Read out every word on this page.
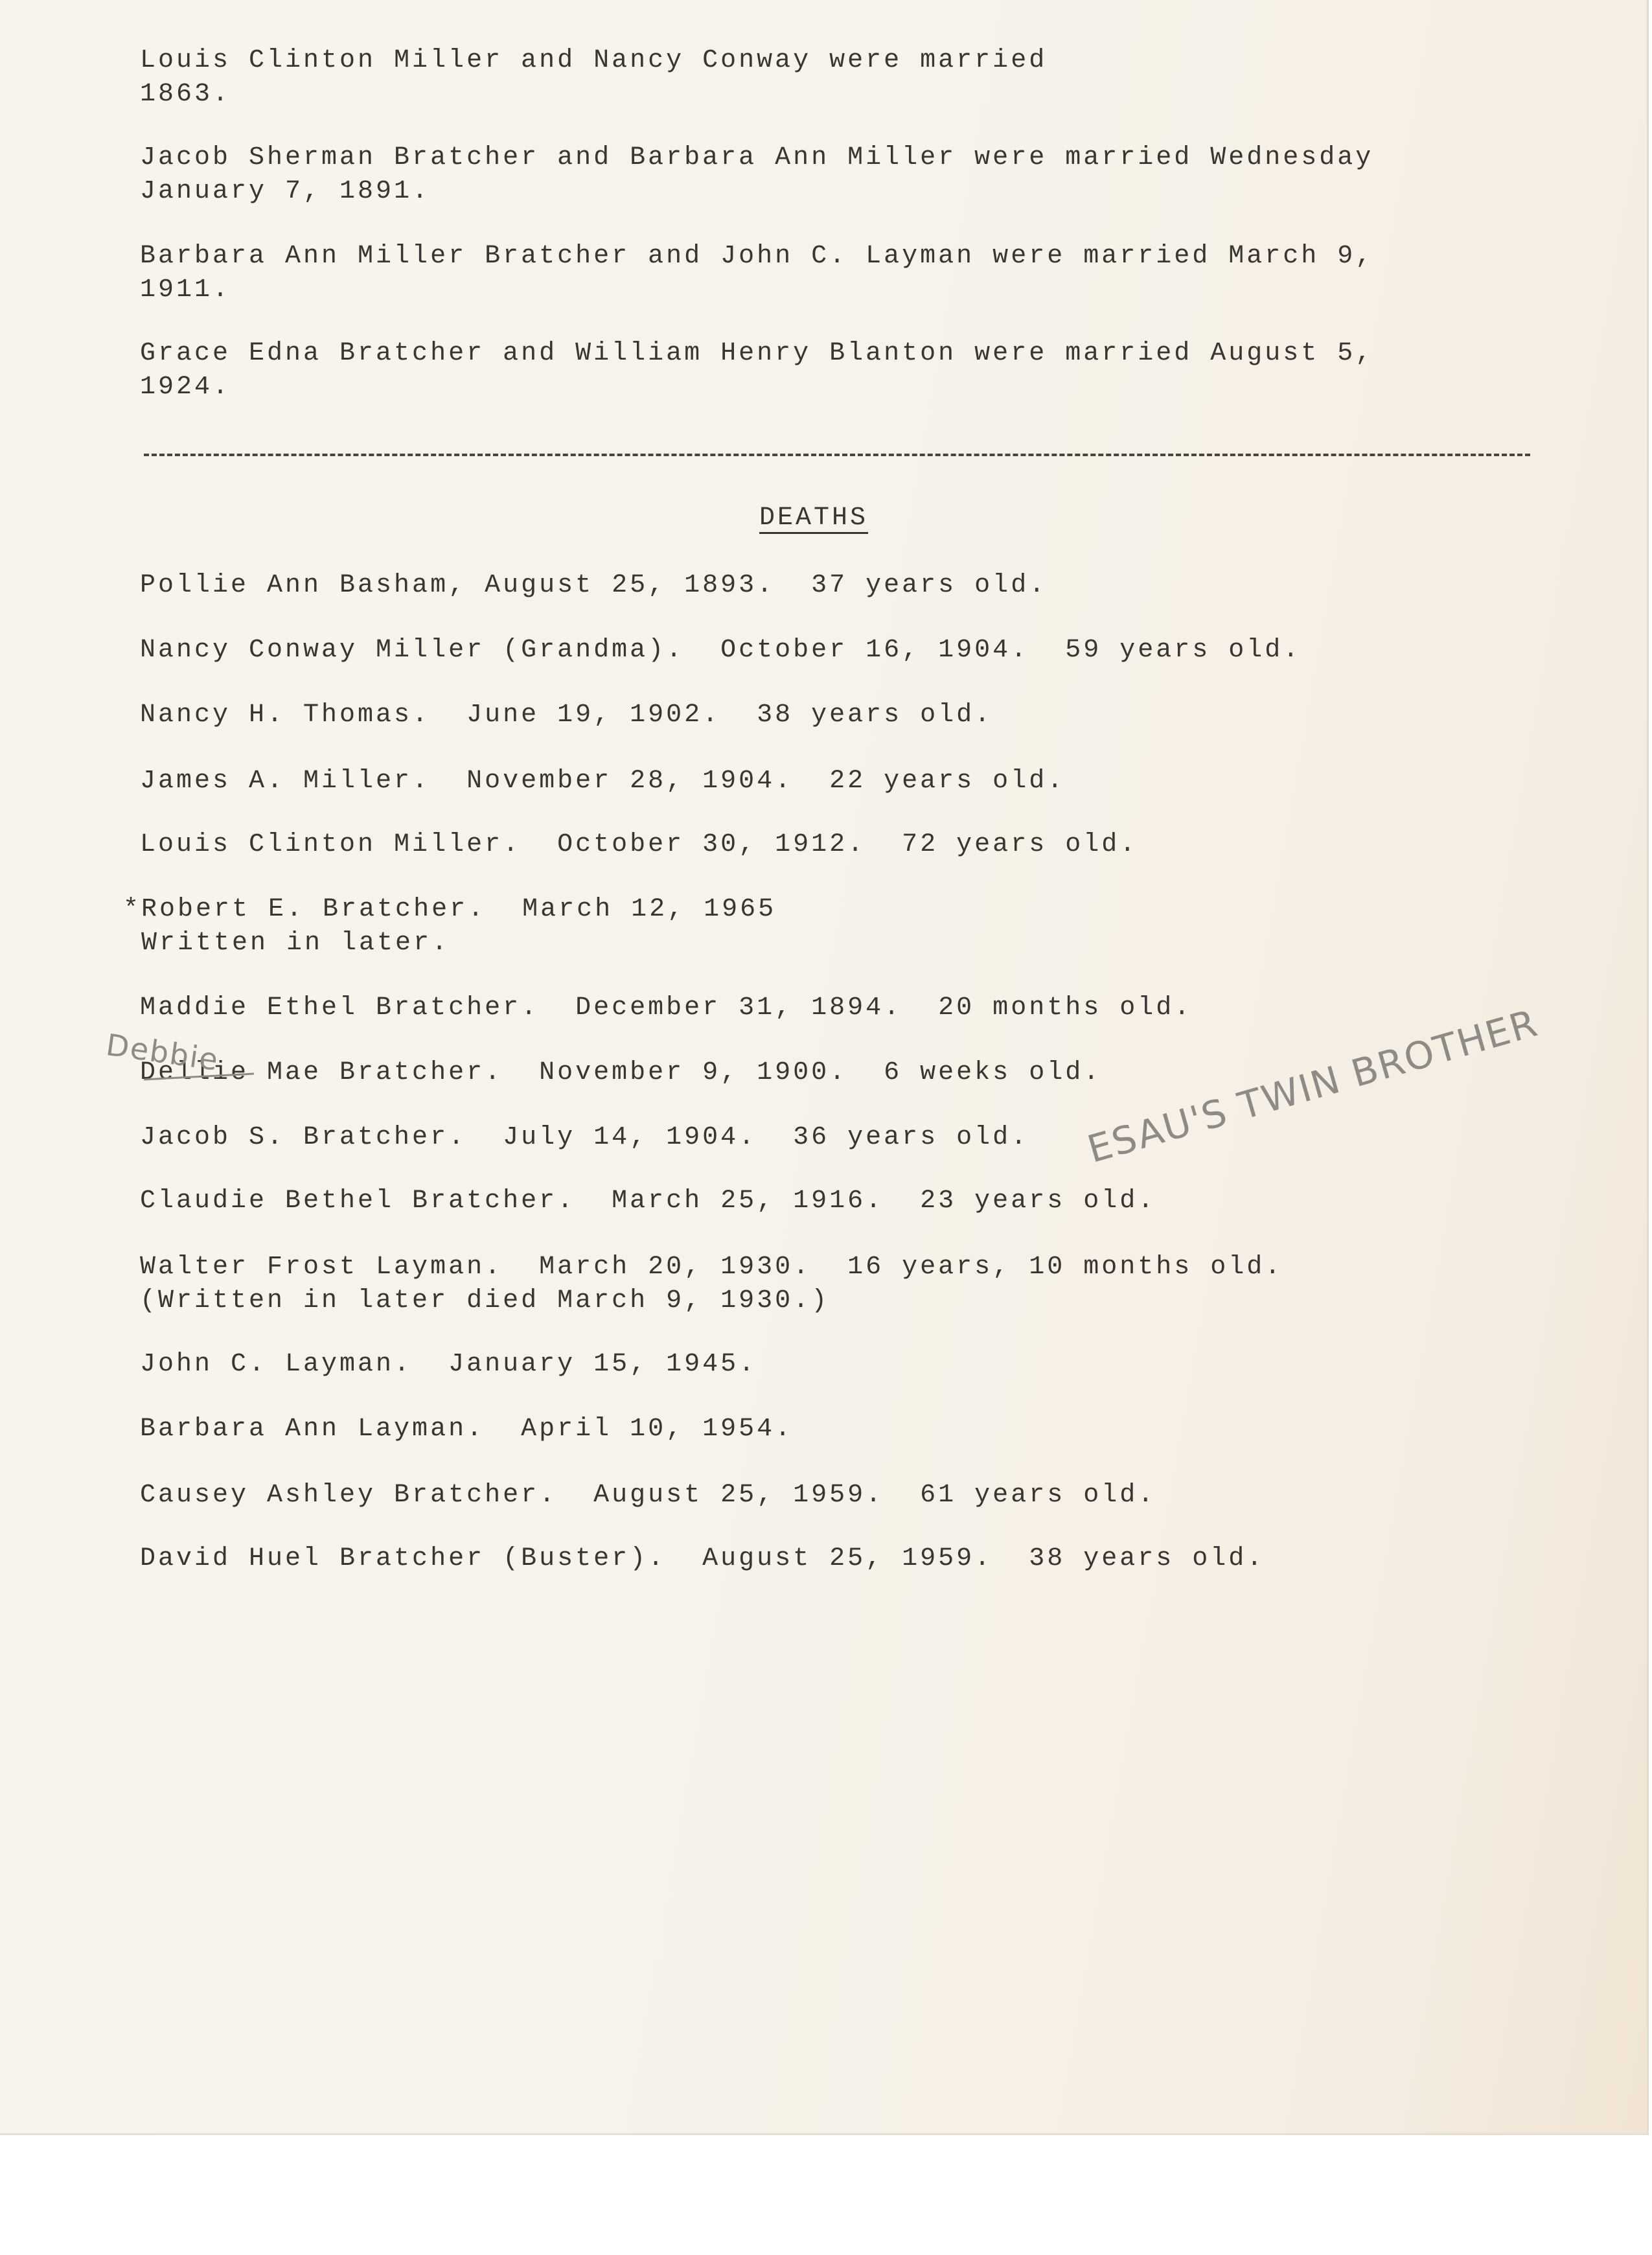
Louis Clinton Miller and Nancy Conway were married
1863.
Jacob Sherman Bratcher and Barbara Ann Miller were married Wednesday
January 7, 1891.
Barbara Ann Miller Bratcher and John C. Layman were married March 9,
1911.
Grace Edna Bratcher and William Henry Blanton were married August 5,
1924.
DEATHS
Pollie Ann Basham, August 25, 1893.  37 years old.
Nancy Conway Miller (Grandma).  October 16, 1904.  59 years old.
Nancy H. Thomas.  June 19, 1902.  38 years old.
James A. Miller.  November 28, 1904.  22 years old.
Louis Clinton Miller.  October 30, 1912.  72 years old.
*Robert E. Bratcher.  March 12, 1965
Written in later.
Maddie Ethel Bratcher.  December 31, 1894.  20 months old.
Dellie Mae Bratcher.  November 9, 1900.  6 weeks old.
Jacob S. Bratcher.  July 14, 1904.  36 years old.
Claudie Bethel Bratcher.  March 25, 1916.  23 years old.
Walter Frost Layman.  March 20, 1930.  16 years, 10 months old.
(Written in later died March 9, 1930.)
John C. Layman.  January 15, 1945.
Barbara Ann Layman.  April 10, 1954.
Causey Ashley Bratcher.  August 25, 1959.  61 years old.
David Huel Bratcher (Buster).  August 25, 1959.  38 years old.
Debbie	ESAU'S TWIN BROTHER
